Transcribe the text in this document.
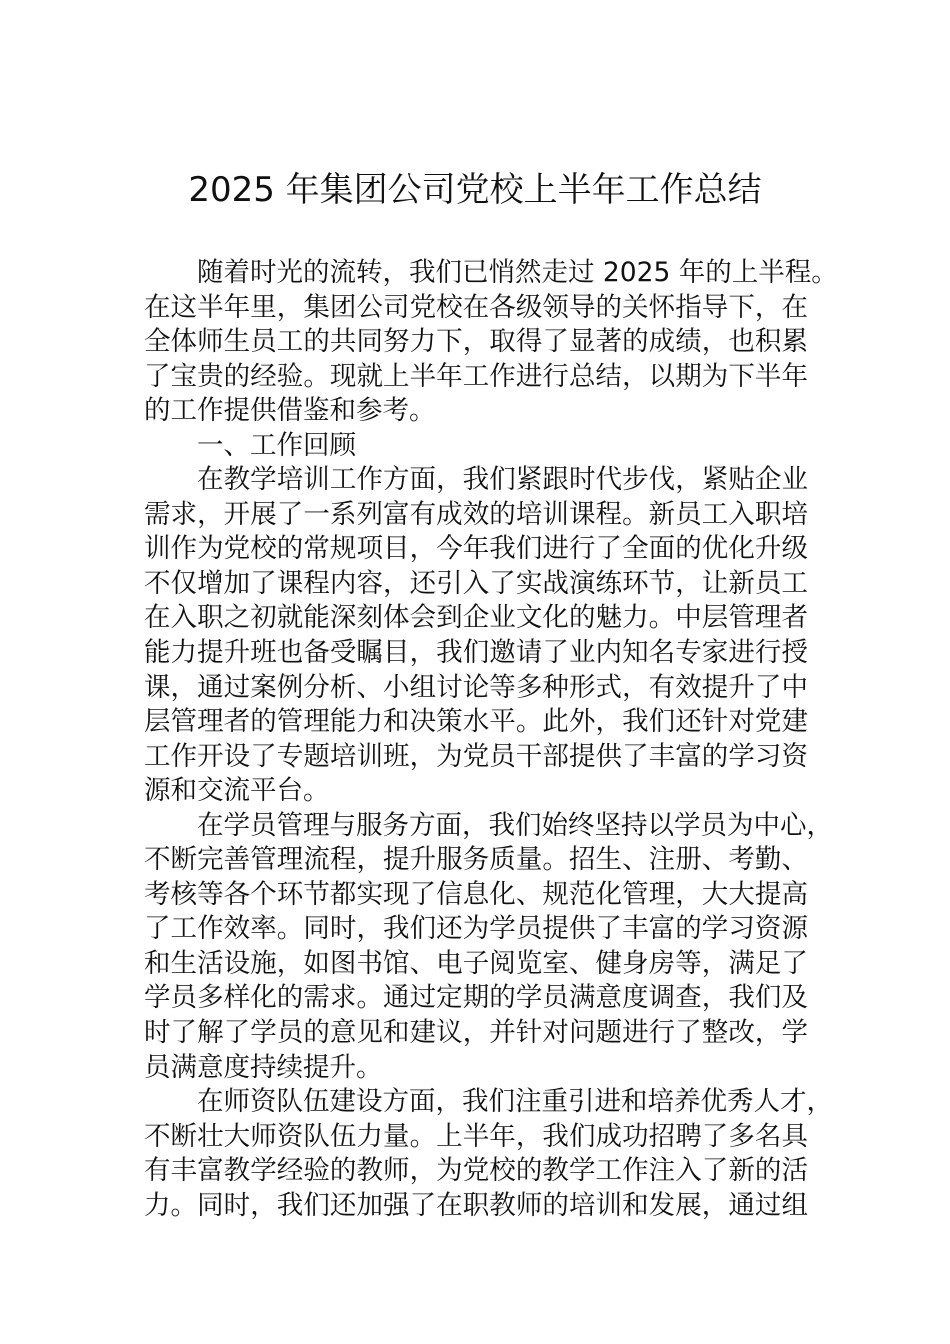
2025 年集团公司党校上半年工作总结
随着时光的流转，我们已悄然走过 2025 年的上半程。
在这半年里，集团公司党校在各级领导的关怀指导下，在
全体师生员工的共同努力下，取得了显著的成绩，也积累
了宝贵的经验。现就上半年工作进行总结，以期为下半年
的工作提供借鉴和参考。
一、工作回顾
在教学培训工作方面，我们紧跟时代步伐，紧贴企业
需求，开展了一系列富有成效的培训课程。新员工入职培
训作为党校的常规项目，今年我们进行了全面的优化升级
不仅增加了课程内容，还引入了实战演练环节，让新员工
在入职之初就能深刻体会到企业文化的魅力。中层管理者
能力提升班也备受瞩目，我们邀请了业内知名专家进行授
课，通过案例分析、小组讨论等多种形式，有效提升了中
层管理者的管理能力和决策水平。此外，我们还针对党建
工作开设了专题培训班，为党员干部提供了丰富的学习资
源和交流平台。
在学员管理与服务方面，我们始终坚持以学员为中心，
不断完善管理流程，提升服务质量。招生、注册、考勤、
考核等各个环节都实现了信息化、规范化管理，大大提高
了工作效率。同时，我们还为学员提供了丰富的学习资源
和生活设施，如图书馆、电子阅览室、健身房等，满足了
学员多样化的需求。通过定期的学员满意度调查，我们及
时了解了学员的意见和建议，并针对问题进行了整改，学
员满意度持续提升。
在师资队伍建设方面，我们注重引进和培养优秀人才，
不断壮大师资队伍力量。上半年，我们成功招聘了多名具
有丰富教学经验的教师，为党校的教学工作注入了新的活
力。同时，我们还加强了在职教师的培训和发展，通过组
